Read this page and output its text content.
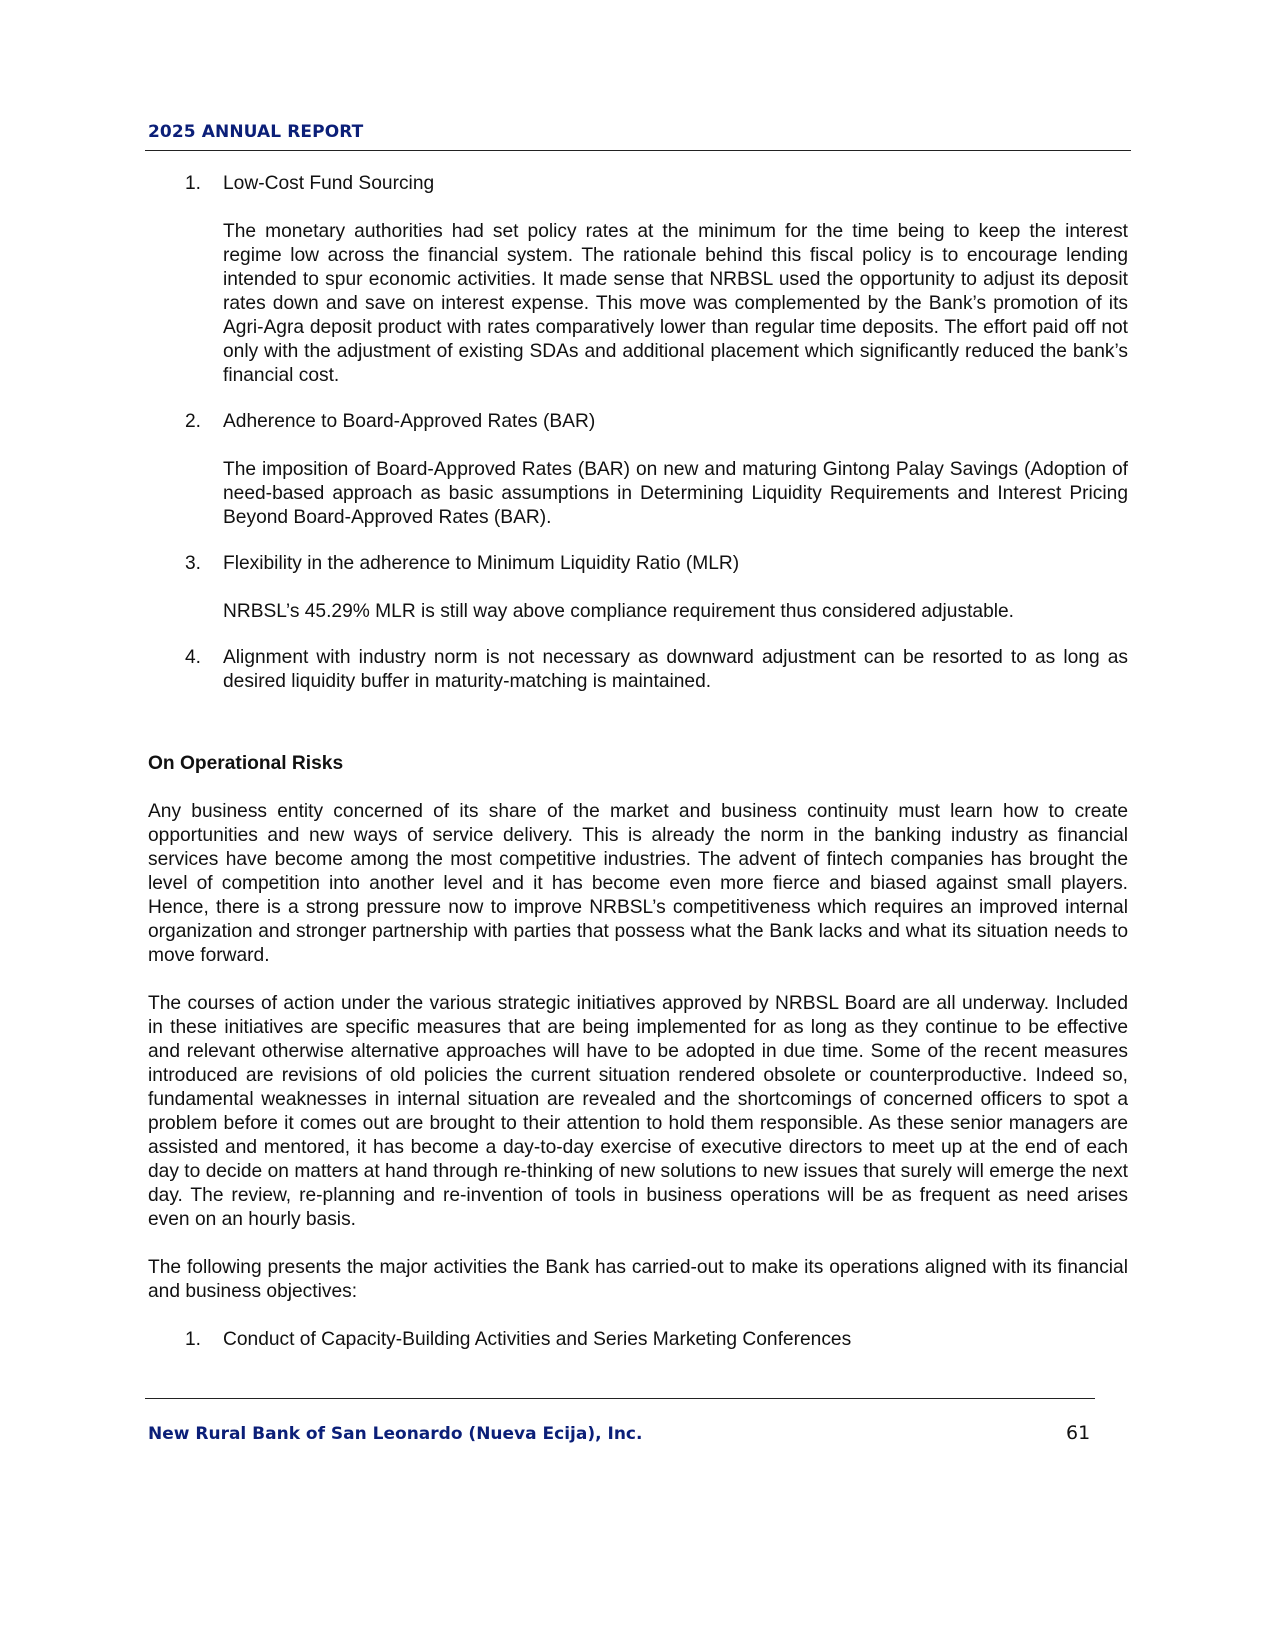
2025 ANNUAL REPORT
1. Low-Cost Fund Sourcing
The monetary authorities had set policy rates at the minimum for the time being to keep the interest regime low across the financial system. The rationale behind this fiscal policy is to encourage lending intended to spur economic activities. It made sense that NRBSL used the opportunity to adjust its deposit rates down and save on interest expense. This move was complemented by the Bank’s promotion of its Agri-Agra deposit product with rates comparatively lower than regular time deposits. The effort paid off not only with the adjustment of existing SDAs and additional placement which significantly reduced the bank’s financial cost.
2. Adherence to Board-Approved Rates (BAR)
The imposition of Board-Approved Rates (BAR) on new and maturing Gintong Palay Savings (Adoption of need-based approach as basic assumptions in Determining Liquidity Requirements and Interest Pricing Beyond Board-Approved Rates (BAR).
3. Flexibility in the adherence to Minimum Liquidity Ratio (MLR)
NRBSL’s 45.29% MLR is still way above compliance requirement thus considered adjustable.
4. Alignment with industry norm is not necessary as downward adjustment can be resorted to as long as desired liquidity buffer in maturity-matching is maintained.
On Operational Risks

Any business entity concerned of its share of the market and business continuity must learn how to create opportunities and new ways of service delivery. This is already the norm in the banking industry as financial services have become among the most competitive industries. The advent of fintech companies has brought the level of competition into another level and it has become even more fierce and biased against small players. Hence, there is a strong pressure now to improve NRBSL’s competitiveness which requires an improved internal organization and stronger partnership with parties that possess what the Bank lacks and what its situation needs to move forward.

The courses of action under the various strategic initiatives approved by NRBSL Board are all underway. Included in these initiatives are specific measures that are being implemented for as long as they continue to be effective and relevant otherwise alternative approaches will have to be adopted in due time. Some of the recent measures introduced are revisions of old policies the current situation rendered obsolete or counterproductive. Indeed so, fundamental weaknesses in internal situation are revealed and the shortcomings of concerned officers to spot a problem before it comes out are brought to their attention to hold them responsible. As these senior managers are assisted and mentored, it has become a day-to-day exercise of executive directors to meet up at the end of each day to decide on matters at hand through re-thinking of new solutions to new issues that surely will emerge the next day. The review, re-planning and re-invention of tools in business operations will be as frequent as need arises even on an hourly basis.

The following presents the major activities the Bank has carried-out to make its operations aligned with its financial and business objectives:

1. Conduct of Capacity-Building Activities and Series Marketing Conferences
New Rural Bank of San Leonardo (Nueva Ecija), Inc.	61
